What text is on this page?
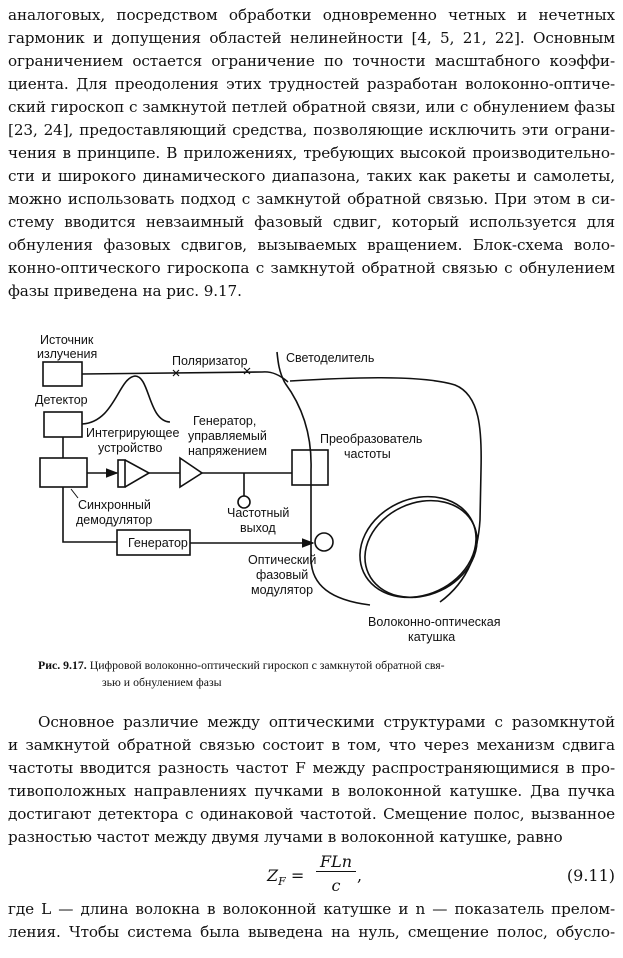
аналоговых, посредством обработки одновременно четных и нечетных
гармоник и допущения областей нелинейности [4, 5, 21, 22]. Основным
ограничением остается ограничение по точности масштабного коэффи-
циента. Для преодоления этих трудностей разработан волоконно-оптиче-
ский гироскоп с замкнутой петлей обратной связи, или с обнулением фазы
[23, 24], предоставляющий средства, позволяющие исключить эти ограни-
чения в принципе. В приложениях, требующих высокой производительно-
сти и широкого динамического диапазона, таких как ракеты и самолеты,
можно использовать подход с замкнутой обратной связью. При этом в си-
стему вводится невзаимный фазовый сдвиг, который используется для
обнуления фазовых сдвигов, вызываемых вращением. Блок-схема воло-
конно-оптического гироскопа с замкнутой обратной связью с обнулением
фазы приведена на рис. 9.17.
Источник
излучения	Поляризатор	Светоделитель
Детектор
Интегрирующее
устройство
Генератор,
управляемый
напряжением
Преобразователь
частоты
Частотный
выход
Синхронный
демодулятор
Генератор
Оптический
фазовый
модулятор
Волоконно-оптическая
катушка
Рис. 9.17. Цифровой волоконно-оптический гироскоп с замкнутой обратной свя-
зью и обнулением фазы
Основное различие между оптическими структурами с разомкнутой
и замкнутой обратной связью состоит в том, что через механизм сдвига
частоты вводится разность частот F между распространяющимися в про-
тивоположных направлениях пучками в волоконной катушке. Два пучка
достигают детектора с одинаковой частотой. Смещение полос, вызванное
разностью частот между двумя лучами в волоконной катушке, равно
$Z_F$ =
FLn
c
,	(9.11)
где L — длина волокна в волоконной катушке и n — показатель прелом-
ления. Чтобы система была выведена на нуль, смещение полос, обусло-
